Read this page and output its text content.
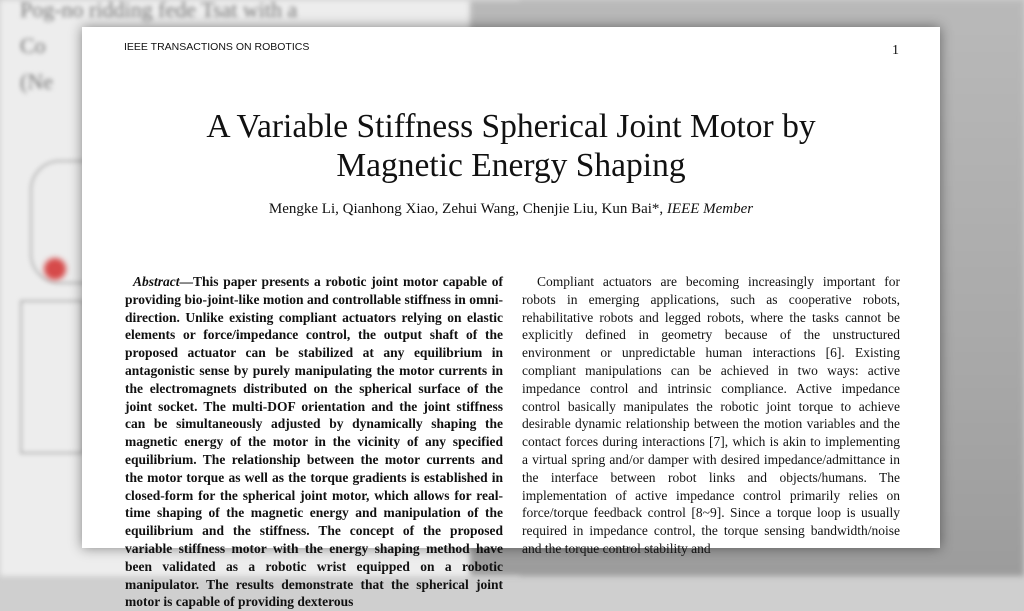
Pog-no ridding fede Tsat with a
Co
(Ne
IEEE TRANSACTIONS ON ROBOTICS	1
A Variable Stiffness Spherical Joint Motor by
Magnetic Energy Shaping
Mengke Li, Qianhong Xiao, Zehui Wang, Chenjie Liu, Kun Bai*, IEEE Member
Abstract—This paper presents a robotic joint motor capable of providing bio-joint-like motion and controllable stiffness in omni-direction. Unlike existing compliant actuators relying on elastic elements or force/impedance control, the output shaft of the proposed actuator can be stabilized at any equilibrium in antagonistic sense by purely manipulating the motor currents in the electromagnets distributed on the spherical surface of the joint socket. The multi-DOF orientation and the joint stiffness can be simultaneously adjusted by dynamically shaping the magnetic energy of the motor in the vicinity of any specified equilibrium. The relationship between the motor currents and the motor torque as well as the torque gradients is established in closed-form for the spherical joint motor, which allows for real-time shaping of the magnetic energy and manipulation of the equilibrium and the stiffness. The concept of the proposed variable stiffness motor with the energy shaping method have been validated as a robotic wrist equipped on a robotic manipulator. The results demonstrate that the spherical joint motor is capable of providing dexterous

Compliant actuators are becoming increasingly important for robots in emerging applications, such as cooperative robots, rehabilitative robots and legged robots, where the tasks cannot be explicitly defined in geometry because of the unstructured environment or unpredictable human interactions [6]. Existing compliant manipulations can be achieved in two ways: active impedance control and intrinsic compliance. Active impedance control basically manipulates the robotic joint torque to achieve desirable dynamic relationship between the motion variables and the contact forces during interactions [7], which is akin to implementing a virtual spring and/or damper with desired impedance/admittance in the interface between robot links and objects/humans. The implementation of active impedance control primarily relies on force/torque feedback control [8~9]. Since a torque loop is usually required in impedance control, the torque sensing bandwidth/noise and the torque control stability and
